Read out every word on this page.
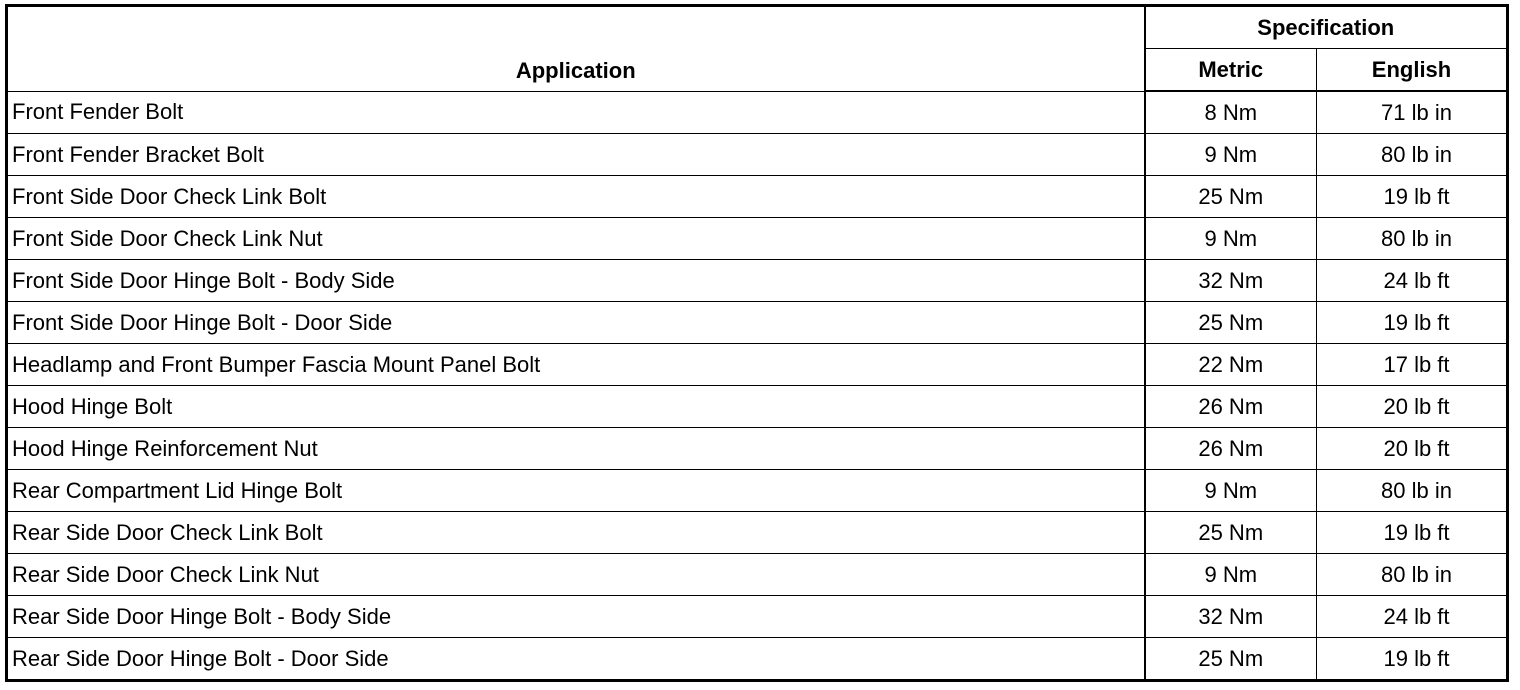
Application	Specification	
	Metric	English
Front Fender Bolt	8 Nm	71 lb in
Front Fender Bracket Bolt	9 Nm	80 lb in
Front Side Door Check Link Bolt	25 Nm	19 lb ft
Front Side Door Check Link Nut	9 Nm	80 lb in
Front Side Door Hinge Bolt - Body Side	32 Nm	24 lb ft
Front Side Door Hinge Bolt - Door Side	25 Nm	19 lb ft
Headlamp and Front Bumper Fascia Mount Panel Bolt	22 Nm	17 lb ft
Hood Hinge Bolt	26 Nm	20 lb ft
Hood Hinge Reinforcement Nut	26 Nm	20 lb ft
Rear Compartment Lid Hinge Bolt	9 Nm	80 lb in
Rear Side Door Check Link Bolt	25 Nm	19 lb ft
Rear Side Door Check Link Nut	9 Nm	80 lb in
Rear Side Door Hinge Bolt - Body Side	32 Nm	24 lb ft
Rear Side Door Hinge Bolt - Door Side	25 Nm	19 lb ft
